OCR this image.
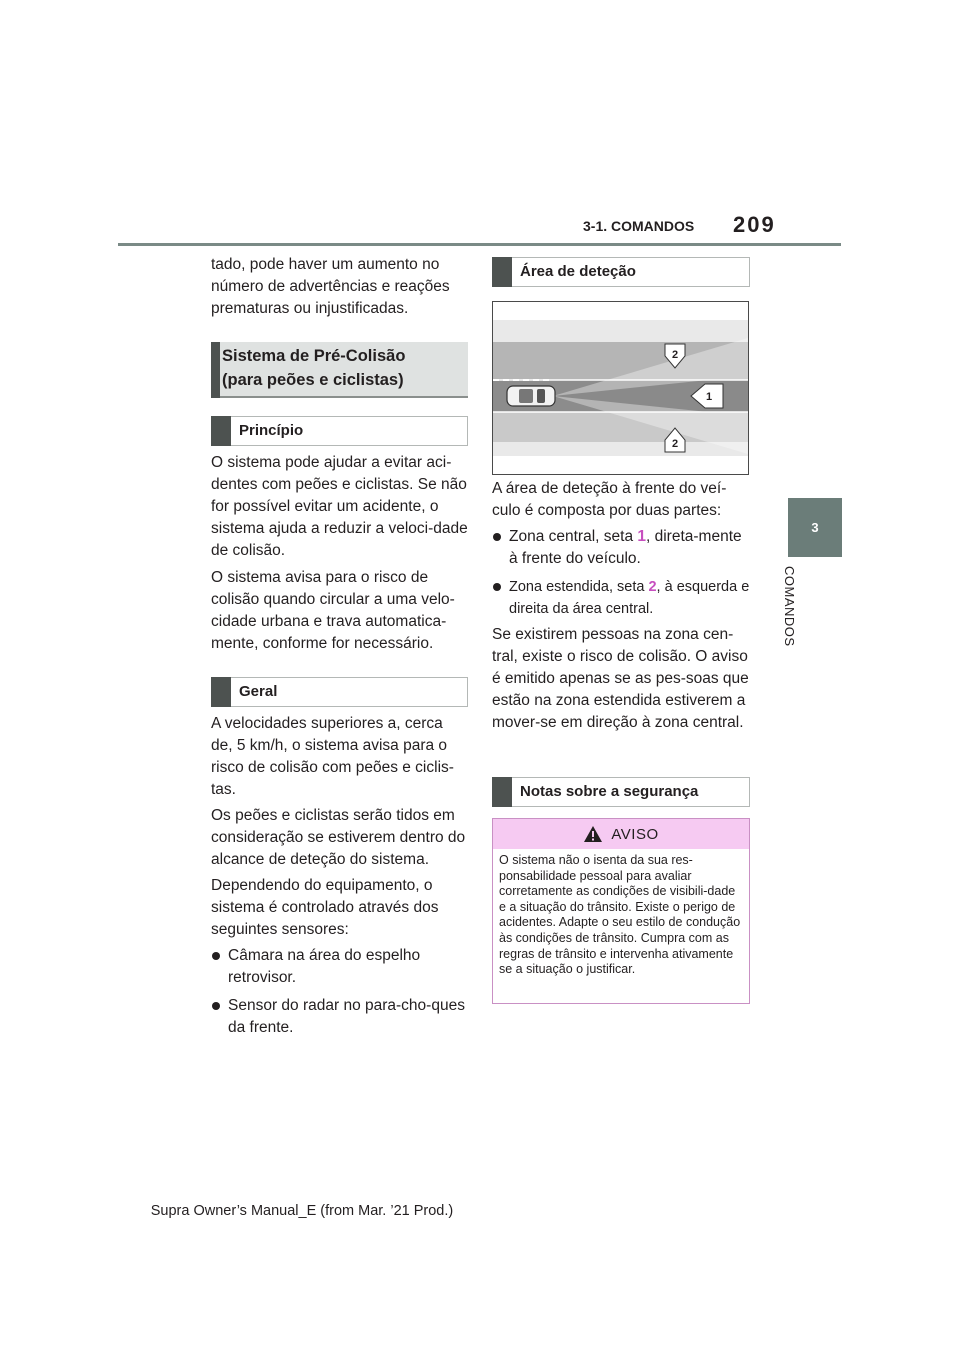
3-1. COMANDOS 209
3
COMANDOS

tado, pode haver um aumento no número de advertências e reações prematuras ou injustificadas.

Sistema de Pré-Colisão
(para peões e ciclistas)
Princípio

O sistema pode ajudar a evitar aci-dentes com peões e ciclistas. Se não for possível evitar um acidente, o sistema ajuda a reduzir a veloci-dade de colisão.

O sistema avisa para o risco de colisão quando circular a uma velo-cidade urbana e trava automatica-mente, conforme for necessário.

Geral

A velocidades superiores a, cerca de, 5 km/h, o sistema avisa para o risco de colisão com peões e ciclis-tas.

Os peões e ciclistas serão tidos em consideração se estiverem dentro do alcance de deteção do sistema.

Dependendo do equipamento, o sistema é controlado através dos seguintes sensores:

Câmara na área do espelho retrovisor.
Sensor do radar no para-cho-ques da frente.
Área de deteção
2
1
2

A área de deteção à frente do veí-culo é composta por duas partes:

Zona central, seta 1, direta-mente à frente do veículo.
Zona estendida, seta 2, à esquerda e direita da área central.

Se existirem pessoas na zona cen-tral, existe o risco de colisão. O aviso é emitido apenas se as pes-soas que estão na zona estendida estiverem a mover-se em direção à zona central.

Notas sobre a segurança
AVISO
O sistema não o isenta da sua res-ponsabilidade pessoal para avaliar corretamente as condições de visibili-dade e a situação do trânsito. Existe o perigo de acidentes. Adapte o seu estilo de condução às condições de trânsito. Cumpra com as regras de trânsito e intervenha ativamente se a situação o justificar.
Supra Owner’s Manual_E (from Mar. ’21 Prod.)
